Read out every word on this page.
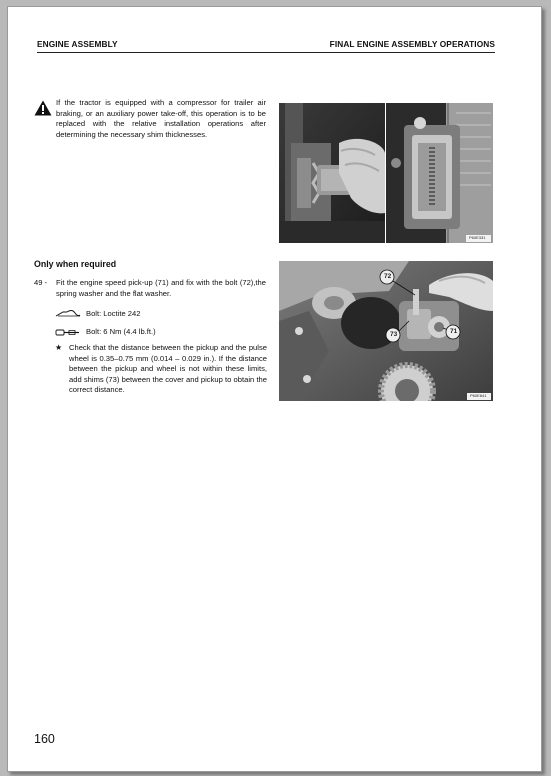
ENGINE ASSEMBLY	FINAL ENGINE ASSEMBLY OPERATIONS
If the tractor is equipped with a compressor for trailer air braking, or an auxiliary power take-off, this operation is to be replaced with the relative installation operations after determining the necessary shim thicknesses.
P60E331
Only when required
49 - Fit the engine speed pick-up (71) and fix with the bolt (72),the spring washer and the flat washer.
Bolt: Loctite 242
Bolt: 6 Nm (4.4 lb.ft.)
★ Check that the distance between the pickup and the pulse wheel is 0.35–0.75 mm (0.014 – 0.029 in.). If the distance between the pickup and wheel is not within these limits, add shims (73) between the cover and pickup to obtain the correct distance.
72
73	71
P60E841
160
